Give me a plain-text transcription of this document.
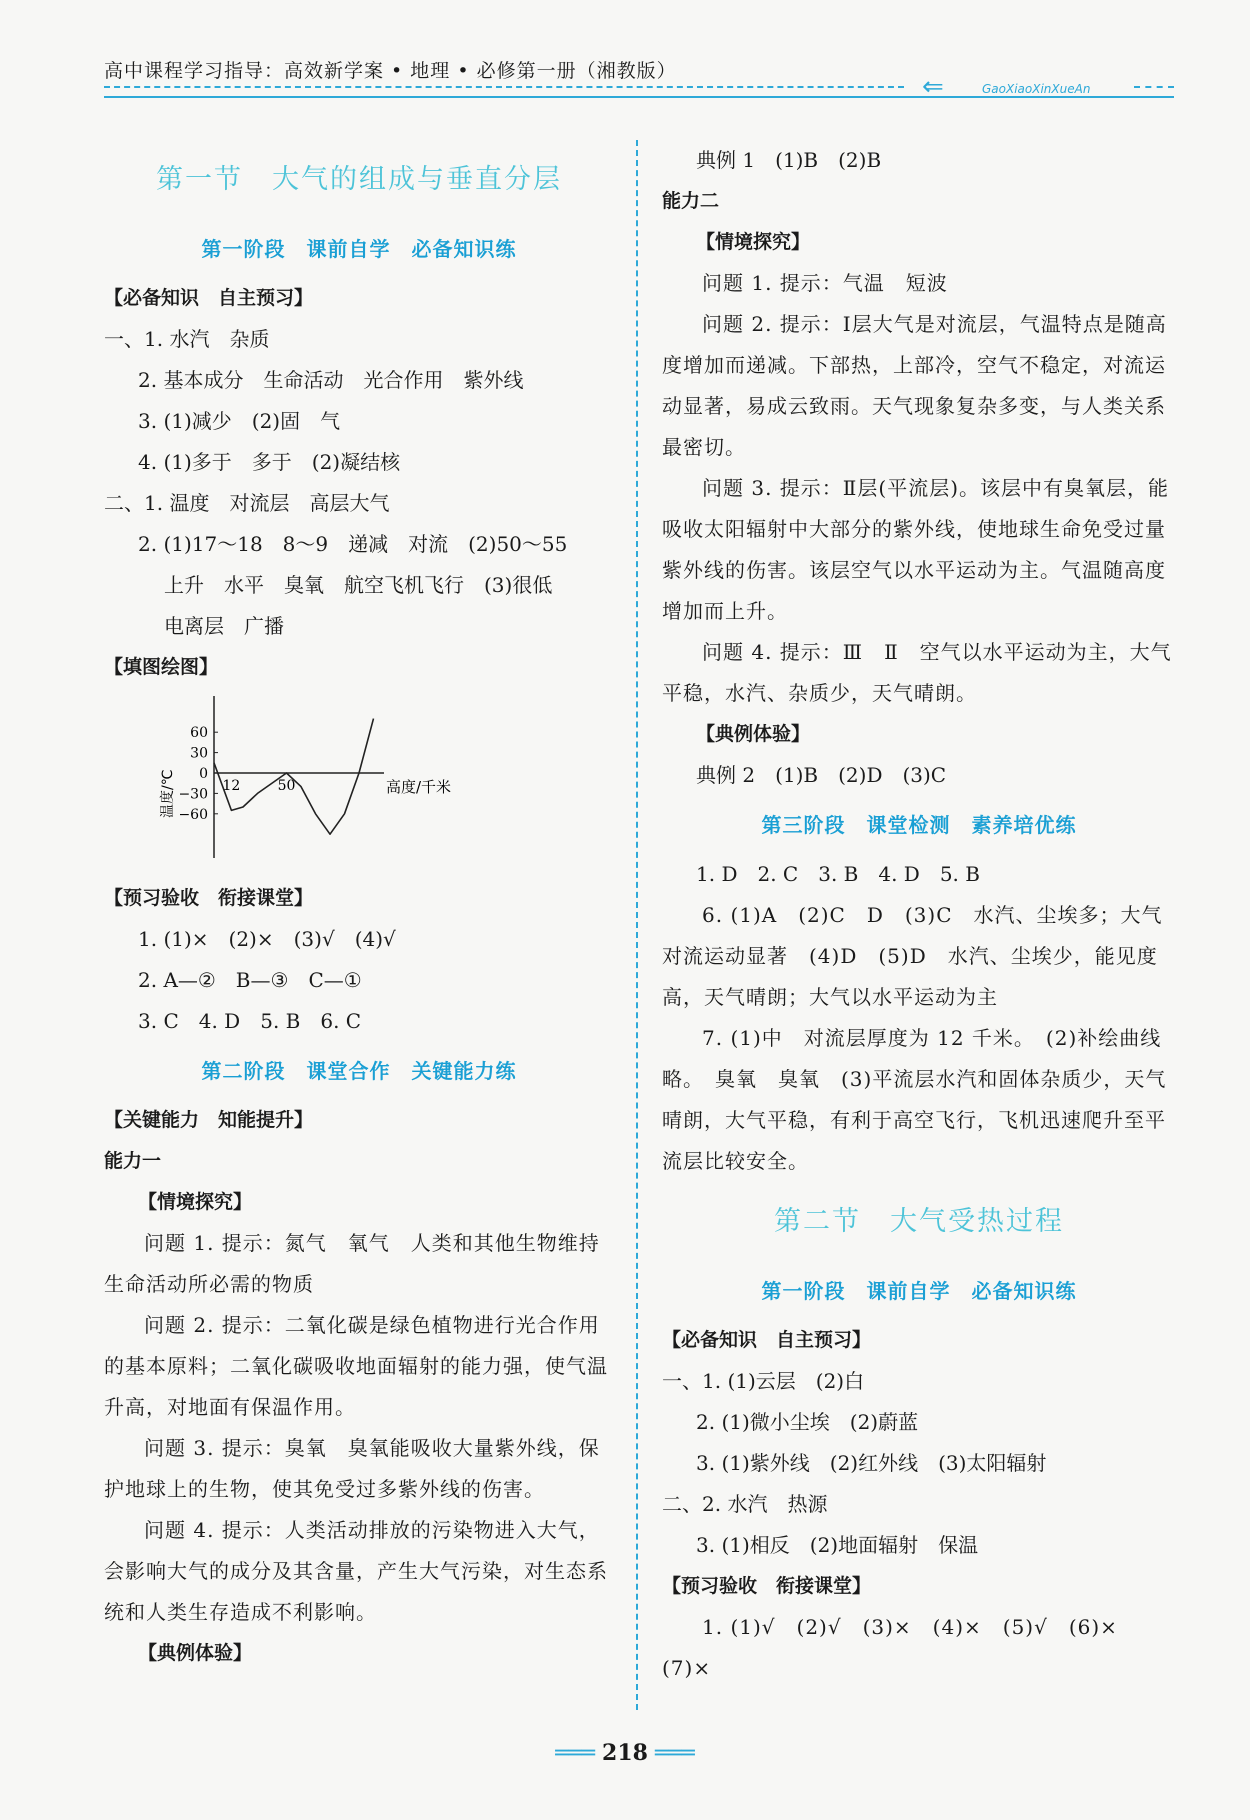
高中课程学习指导：高效新学案 • 地理 • 必修第一册（湘教版）
⇐	GaoXiaoXinXueAn
第一节　大气的组成与垂直分层
第一阶段　课前自学　必备知识练
【必备知识　自主预习】
一、1. 水汽　杂质
2. 基本成分　生命活动　光合作用　紫外线
3. (1)减少　(2)固　气
4. (1)多于　多于　(2)凝结核
二、1. 温度　对流层　高层大气
2. (1)17～18　8～9　递减　对流　(2)50～55
上升　水平　臭氧　航空飞机飞行　(3)很低
电离层　广播
【填图绘图】
60
30
0
−30
−60
12	50
温度/℃	高度/千米
【预习验收　衔接课堂】
1. (1)×　(2)×　(3)√　(4)√
2. A—②　B—③　C—①
3. C　4. D　5. B　6. C
第二阶段　课堂合作　关键能力练
【关键能力　知能提升】
能力一
【情境探究】
问题 1. 提示：氮气　氧气　人类和其他生物维持生命活动所必需的物质
问题 2. 提示：二氧化碳是绿色植物进行光合作用的基本原料；二氧化碳吸收地面辐射的能力强，使气温升高，对地面有保温作用。
问题 3. 提示：臭氧　臭氧能吸收大量紫外线，保护地球上的生物，使其免受过多紫外线的伤害。
问题 4. 提示：人类活动排放的污染物进入大气，会影响大气的成分及其含量，产生大气污染，对生态系统和人类生存造成不利影响。
【典例体验】
典例 1　(1)B　(2)B
能力二
【情境探究】
问题 1. 提示：气温　短波
问题 2. 提示：Ⅰ层大气是对流层，气温特点是随高度增加而递减。下部热，上部冷，空气不稳定，对流运动显著，易成云致雨。天气现象复杂多变，与人类关系最密切。
问题 3. 提示：Ⅱ层(平流层)。该层中有臭氧层，能吸收太阳辐射中大部分的紫外线，使地球生命免受过量紫外线的伤害。该层空气以水平运动为主。气温随高度增加而上升。
问题 4. 提示：Ⅲ　Ⅱ　空气以水平运动为主，大气平稳，水汽、杂质少，天气晴朗。
【典例体验】
典例 2　(1)B　(2)D　(3)C
第三阶段　课堂检测　素养培优练
1. D　2. C　3. B　4. D　5. B
6. (1)A　(2)C　D　(3)C　水汽、尘埃多；大气对流运动显著　(4)D　(5)D　水汽、尘埃少，能见度高，天气晴朗；大气以水平运动为主
7. (1)中　对流层厚度为 12 千米。　(2)补绘曲线略。　臭氧　臭氧　(3)平流层水汽和固体杂质少，天气晴朗，大气平稳，有利于高空飞行，飞机迅速爬升至平流层比较安全。
第二节　大气受热过程
第一阶段　课前自学　必备知识练
【必备知识　自主预习】
一、1. (1)云层　(2)白
2. (1)微小尘埃　(2)蔚蓝
3. (1)紫外线　(2)红外线　(3)太阳辐射
二、2. 水汽　热源
3. (1)相反　(2)地面辐射　保温
【预习验收　衔接课堂】
1. (1)√　(2)√　(3)×　(4)×　(5)√　(6)×　(7)×
═══ 218 ═══
